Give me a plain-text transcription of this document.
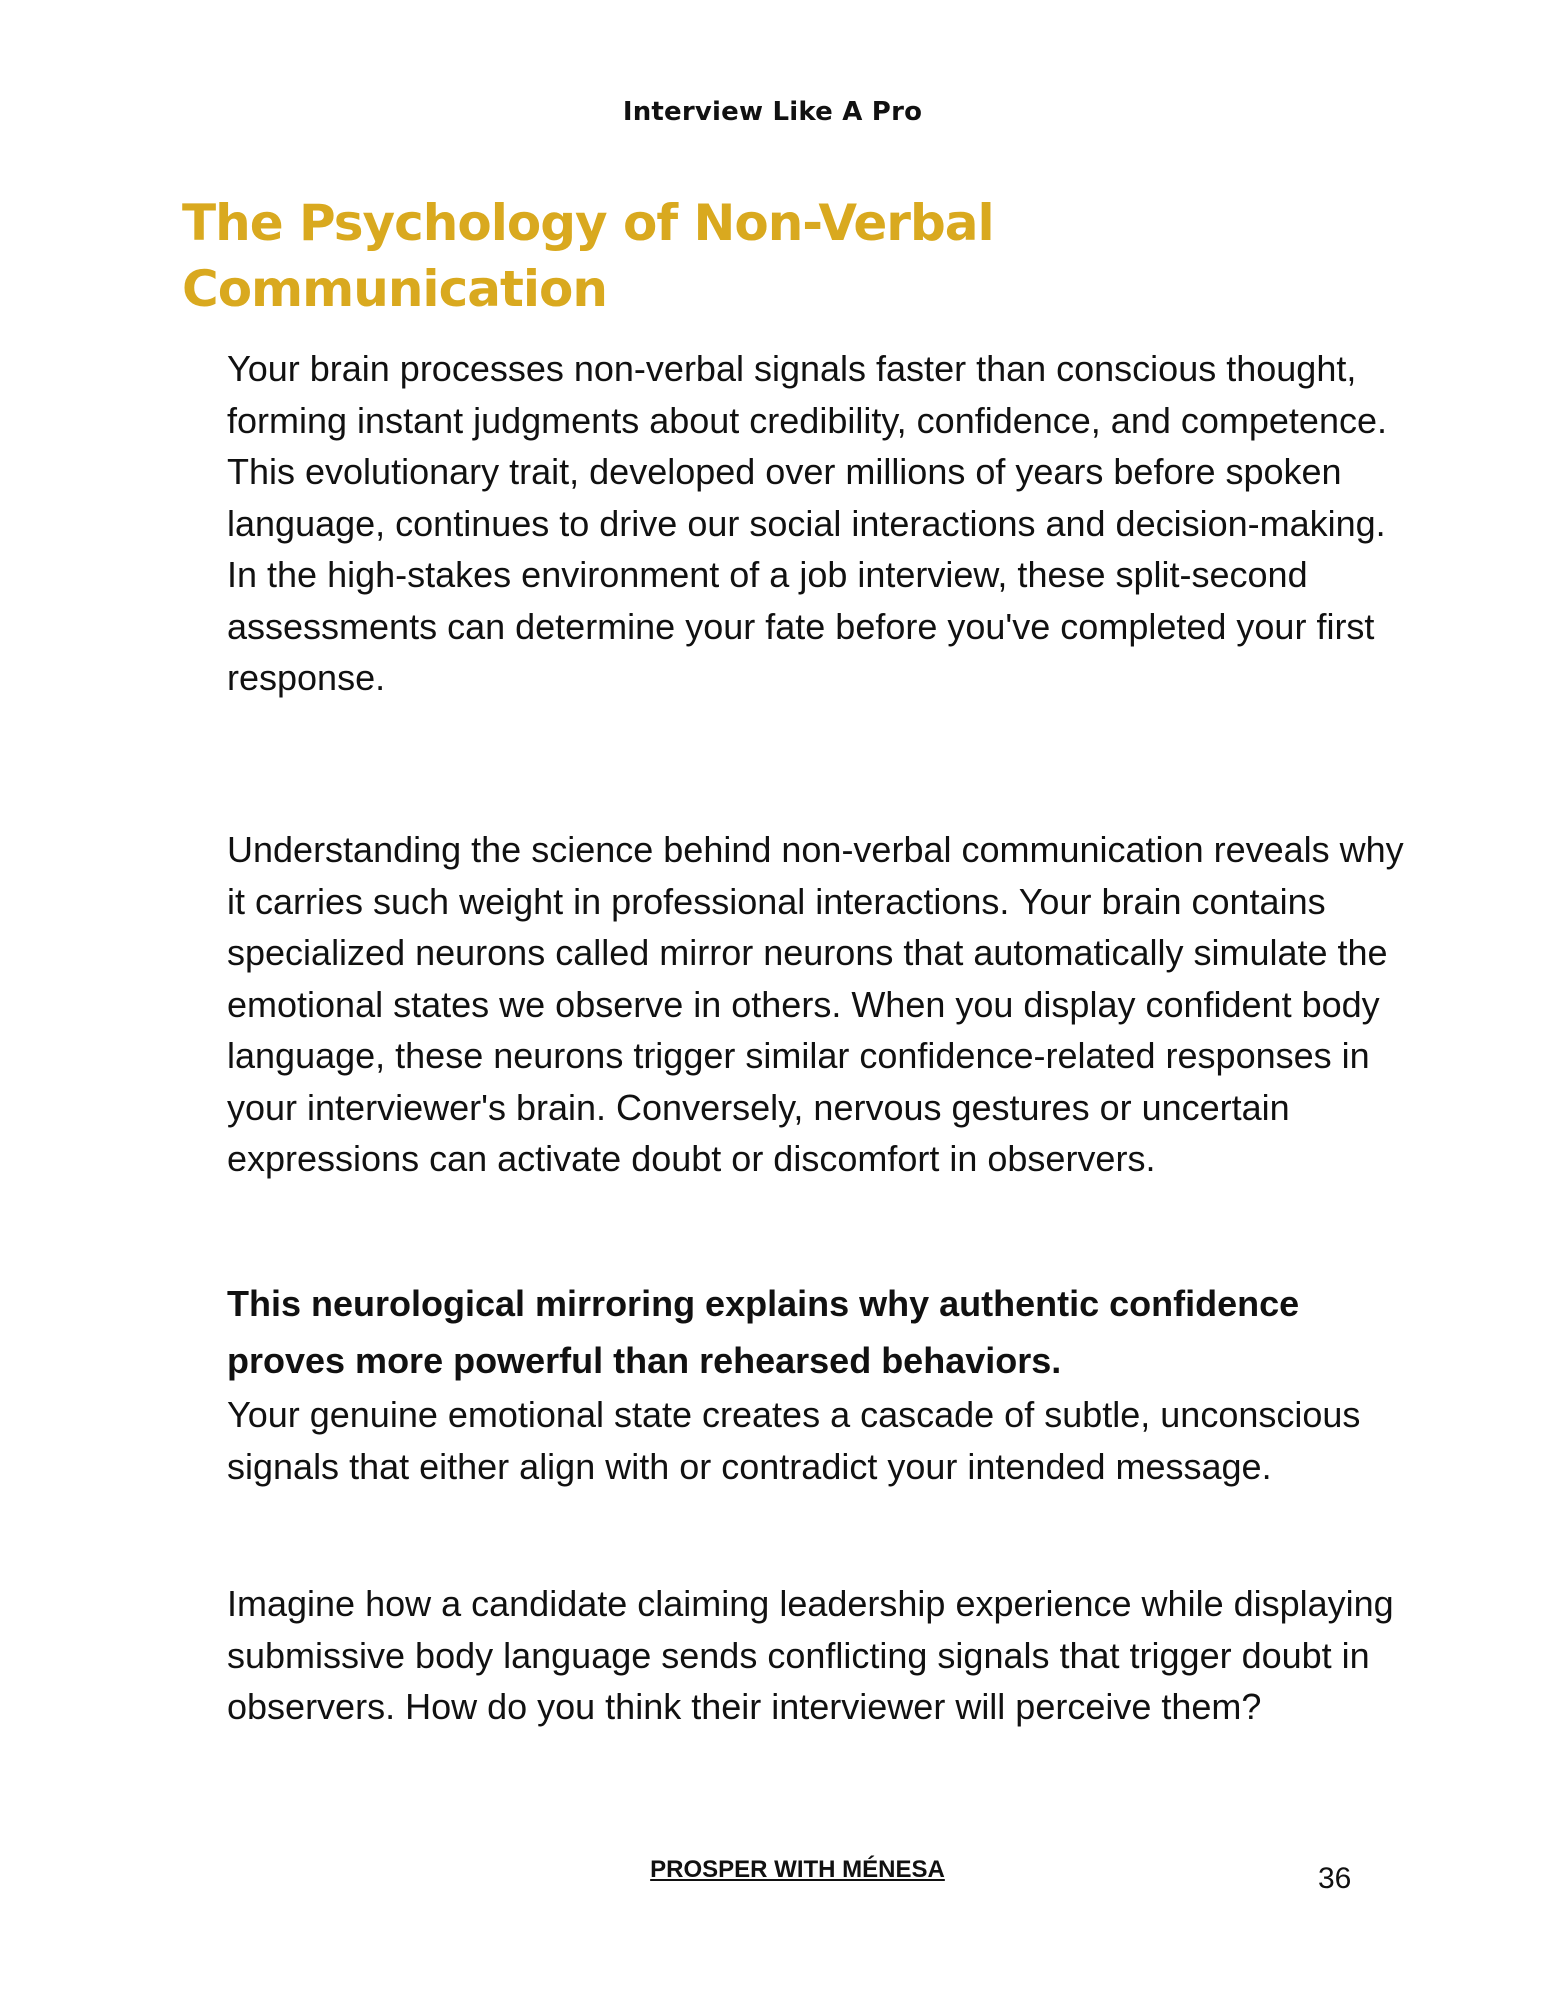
Interview Like A Pro
The Psychology of Non-Verbal Communication

Your brain processes non-verbal signals faster than conscious thought, forming instant judgments about credibility, confidence, and competence. This evolutionary trait, developed over millions of years before spoken language, continues to drive our social interactions and decision-making. In the high-stakes environment of a job interview, these split-second assessments can determine your fate before you've completed your first response.

Understanding the science behind non-verbal communication reveals why it carries such weight in professional interactions. Your brain contains specialized neurons called mirror neurons that automatically simulate the emotional states we observe in others. When you display confident body language, these neurons trigger similar confidence-related responses in your interviewer's brain. Conversely, nervous gestures or uncertain expressions can activate doubt or discomfort in observers.

This neurological mirroring explains why authentic confidence proves more powerful than rehearsed behaviors.
Your genuine emotional state creates a cascade of subtle, unconscious signals that either align with or contradict your intended message.

Imagine how a candidate claiming leadership experience while displaying submissive body language sends conflicting signals that trigger doubt in observers. How do you think their interviewer will perceive them?

PROSPER WITH MÉNESA	36
